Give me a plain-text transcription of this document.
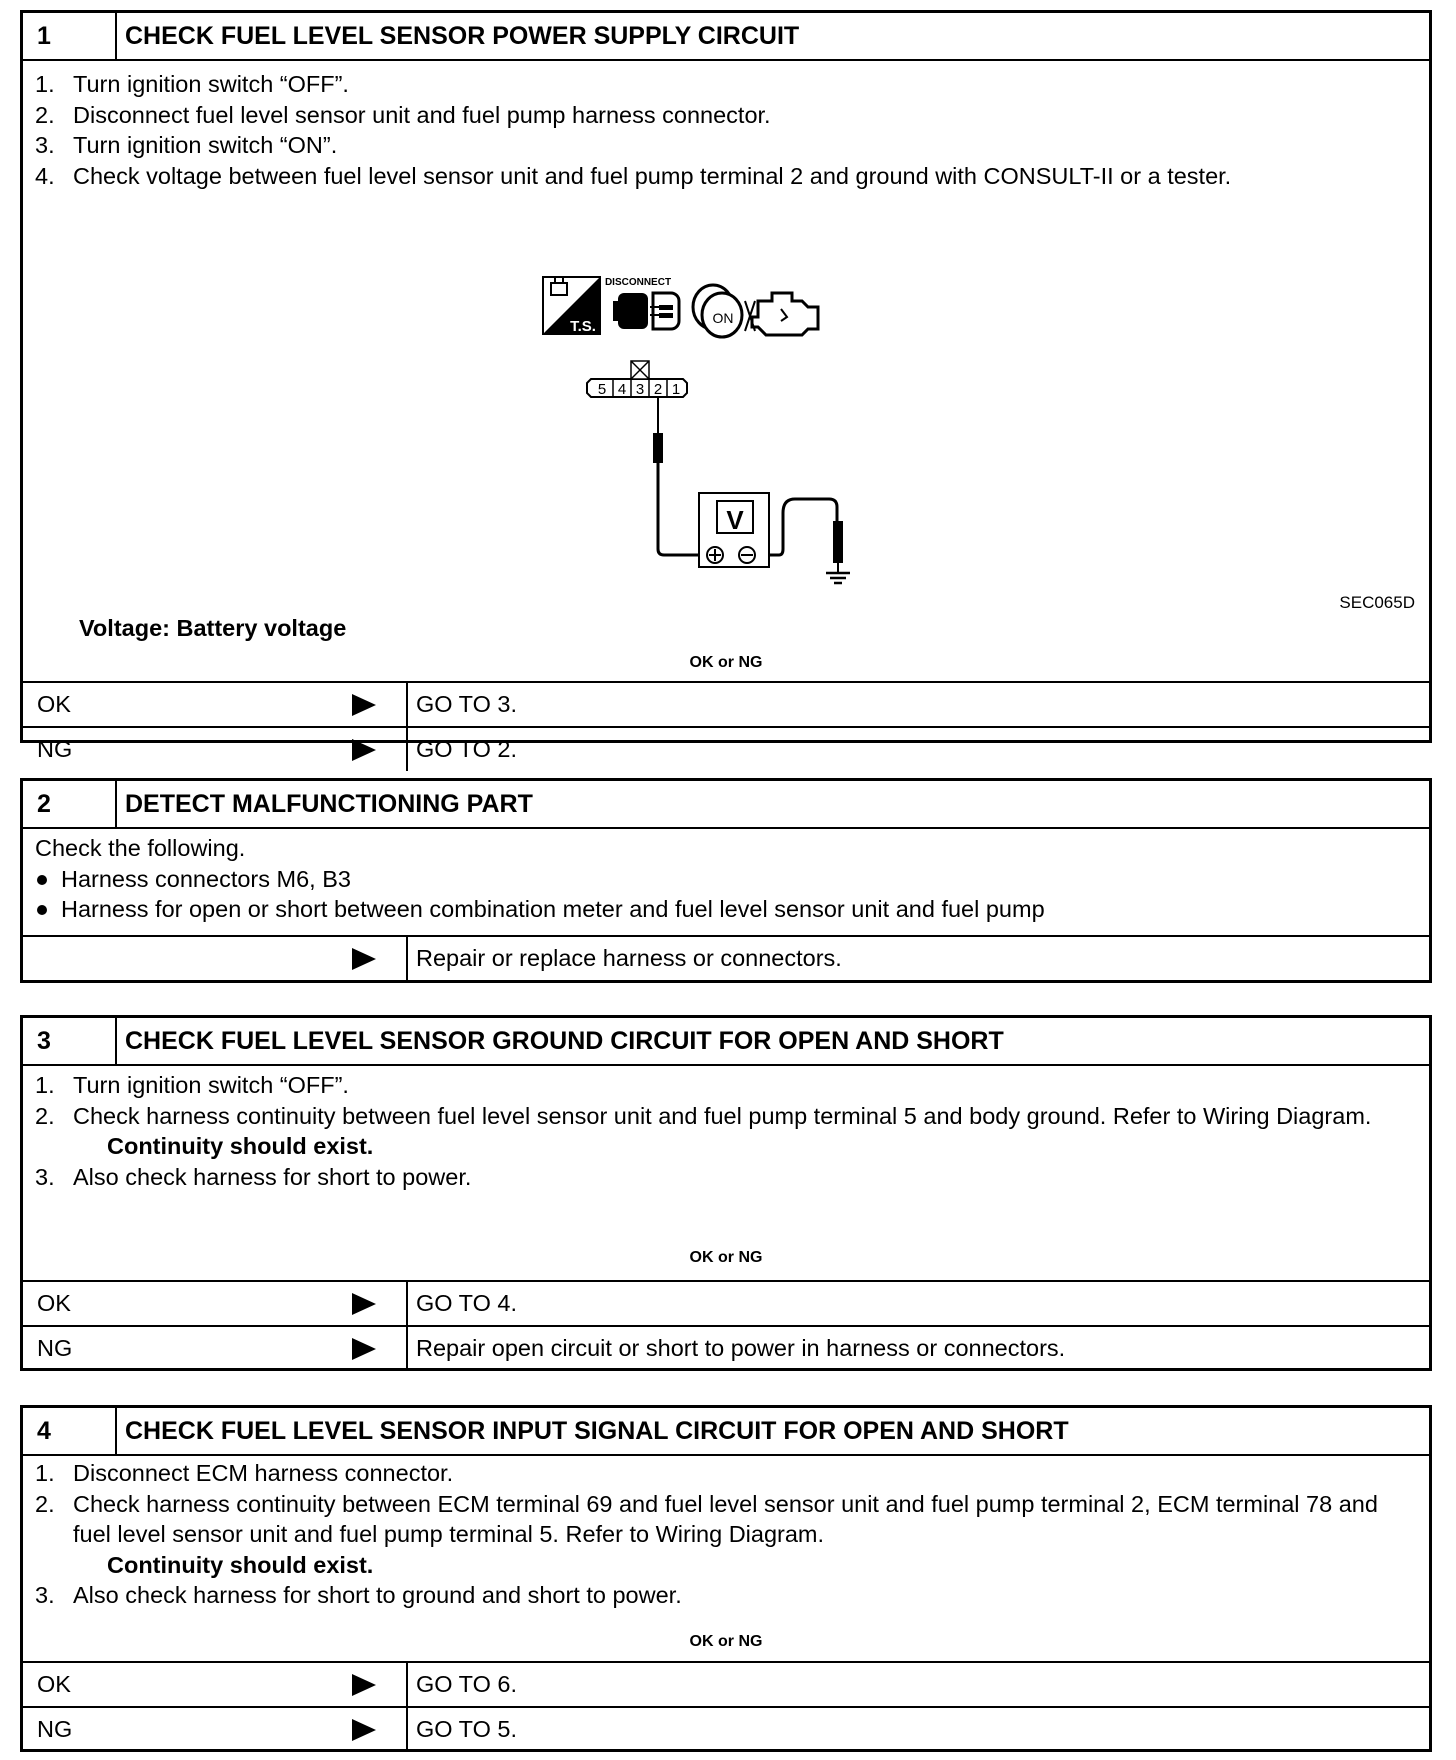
1	CHECK FUEL LEVEL SENSOR POWER SUPPLY CIRCUIT
1. Turn ignition switch “OFF”.
2. Disconnect fuel level sensor unit and fuel pump harness connector.
3. Turn ignition switch “ON”.
4. Check voltage between fuel level sensor unit and fuel pump terminal 2 and ground with CONSULT-II or a tester.
T.S.
DISCONNECT
ON
5 4 3 2 1
V
SEC065D
Voltage: Battery voltage
OK or NG
OK	GO TO 3.
NG	GO TO 2.
2	DETECT MALFUNCTIONING PART
Check the following.
Harness connectors M6, B3
Harness for open or short between combination meter and fuel level sensor unit and fuel pump
Repair or replace harness or connectors.
3	CHECK FUEL LEVEL SENSOR GROUND CIRCUIT FOR OPEN AND SHORT
1. Turn ignition switch “OFF”.
2. Check harness continuity between fuel level sensor unit and fuel pump terminal 5 and body ground. Refer to Wiring Diagram.
Continuity should exist.
3. Also check harness for short to power.
OK or NG
OK	GO TO 4.
NG	Repair open circuit or short to power in harness or connectors.
4	CHECK FUEL LEVEL SENSOR INPUT SIGNAL CIRCUIT FOR OPEN AND SHORT
1. Disconnect ECM harness connector.
2. Check harness continuity between ECM terminal 69 and fuel level sensor unit and fuel pump terminal 2, ECM terminal 78 and fuel level sensor unit and fuel pump terminal 5. Refer to Wiring Diagram.
Continuity should exist.
3. Also check harness for short to ground and short to power.
OK or NG
OK	GO TO 6.
NG	GO TO 5.
